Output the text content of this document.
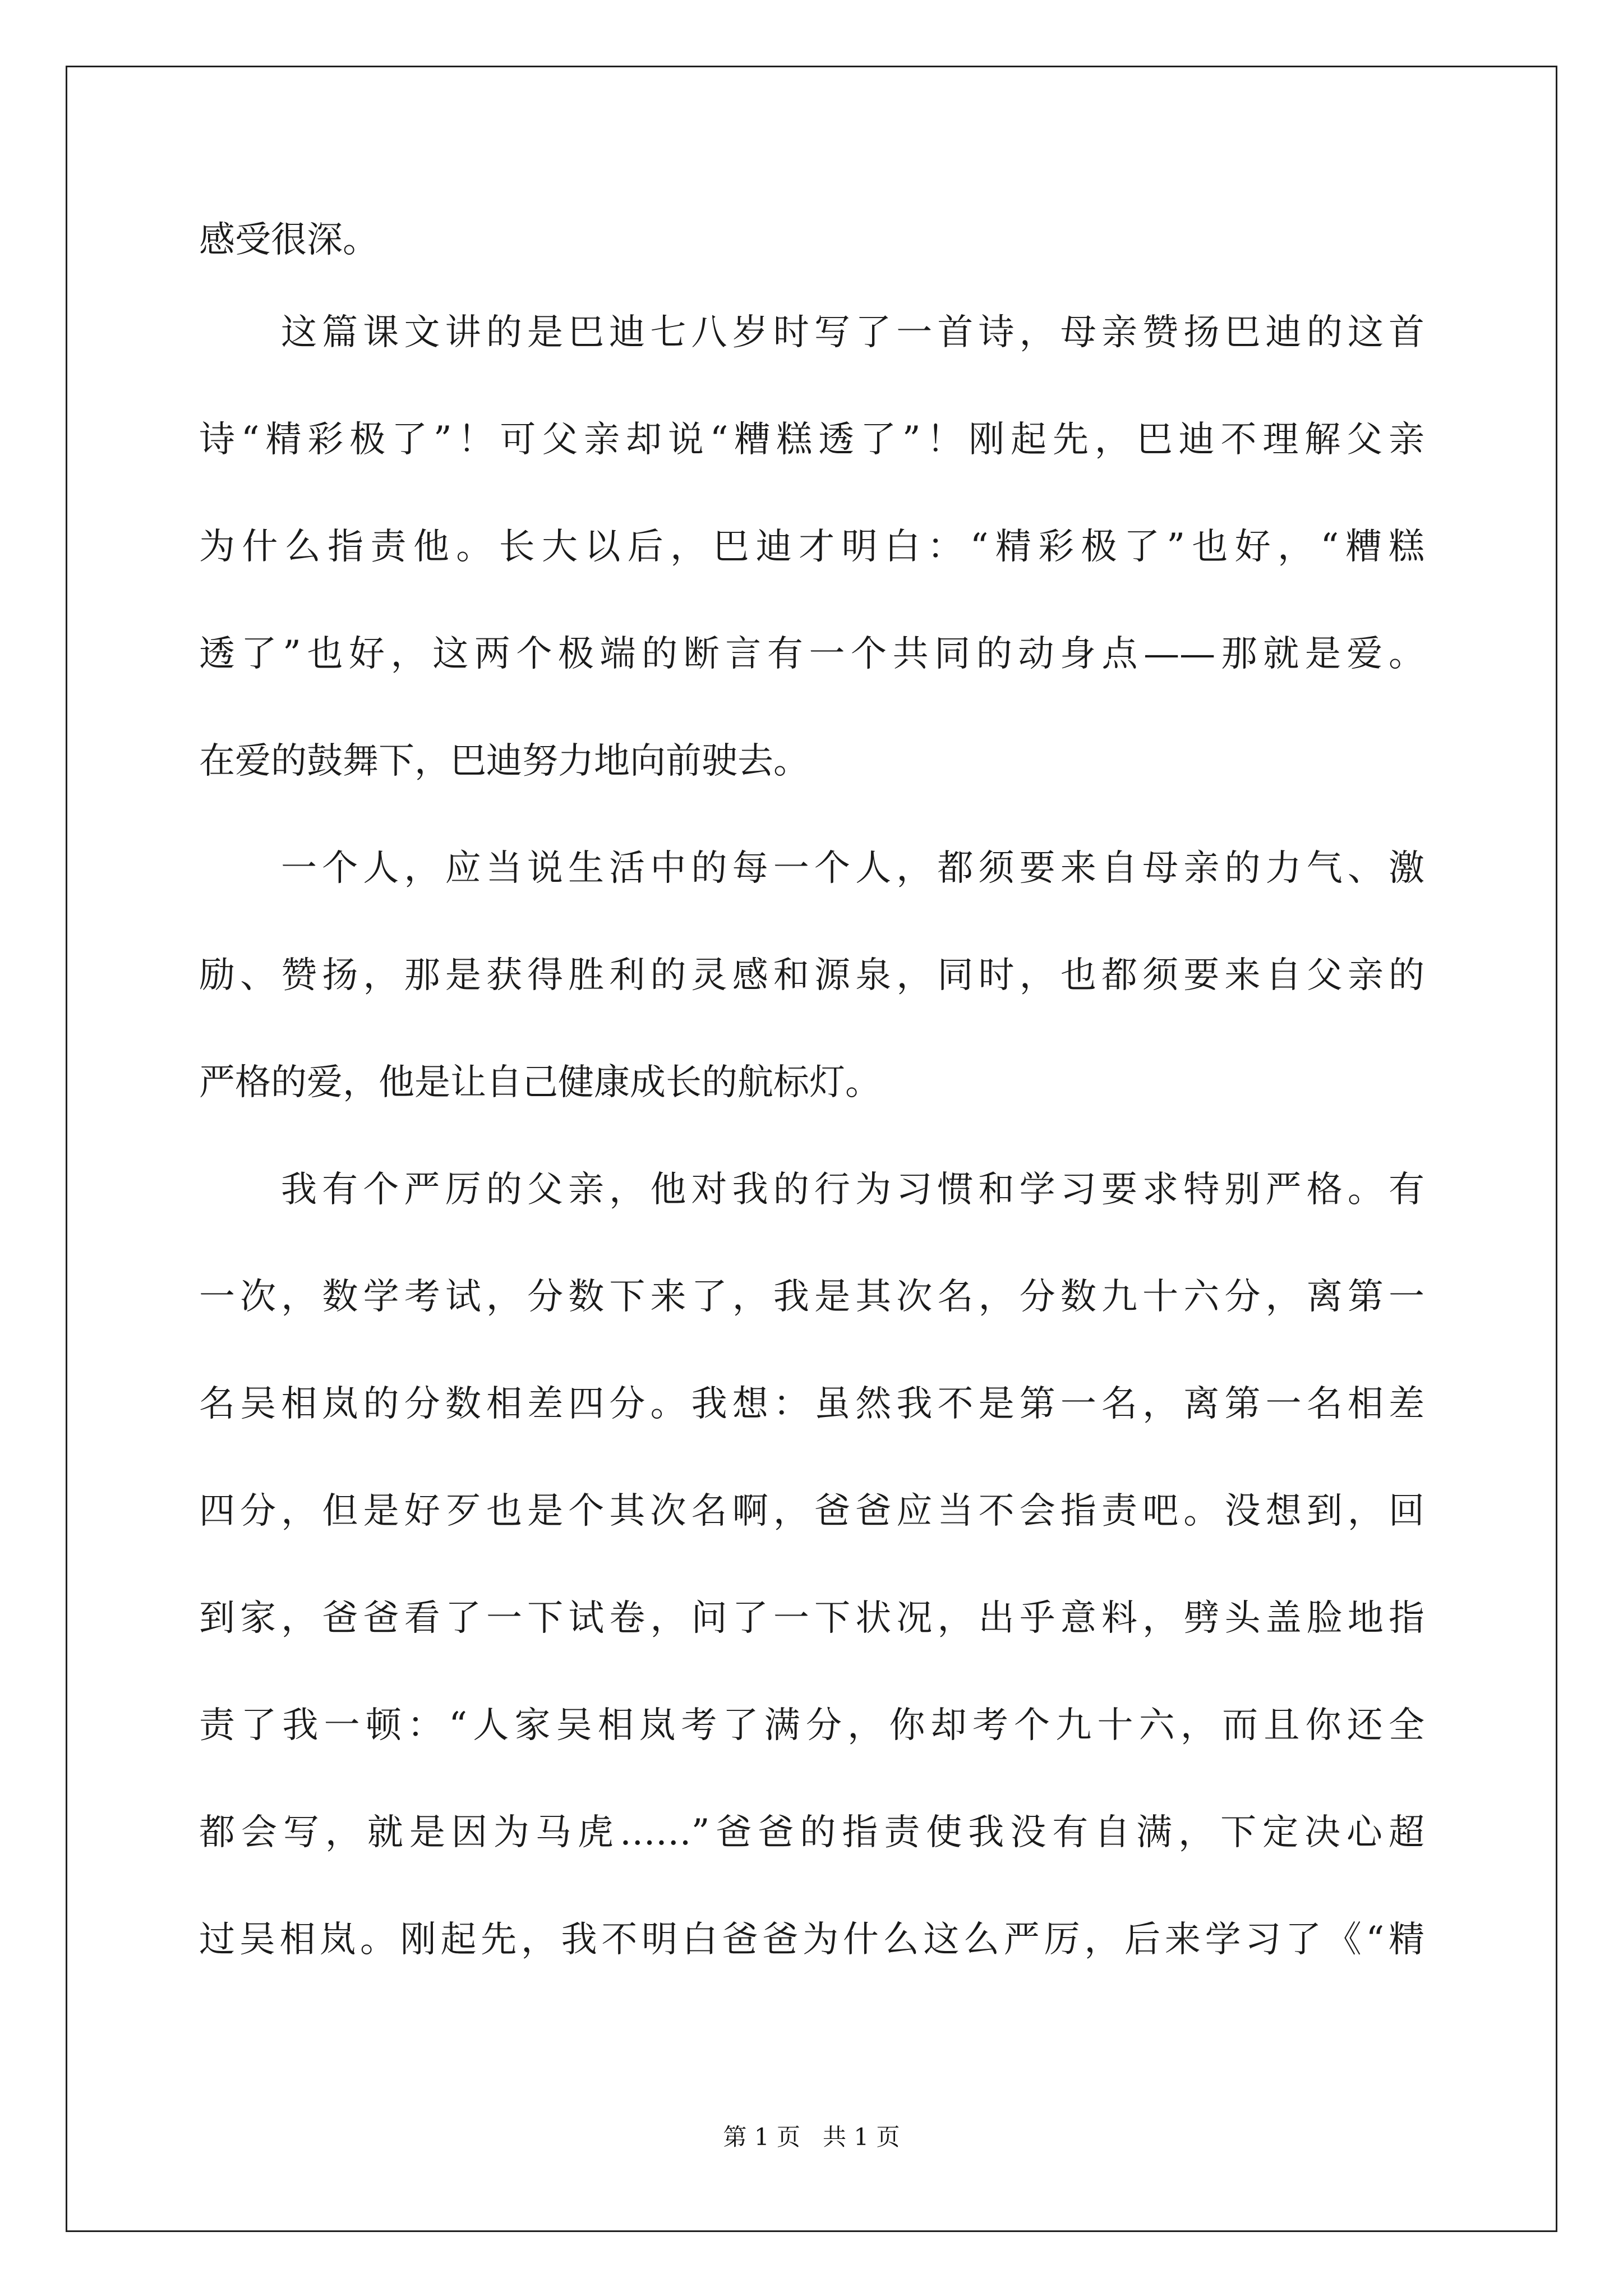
感受很深。
这篇课文讲的是巴迪七八岁时写了一首诗，母亲赞扬巴迪的这首
诗“精彩极了”！可父亲却说“糟糕透了”！刚起先，巴迪不理解父亲
为什么指责他。长大以后，巴迪才明白：“精彩极了”也好，“糟糕
透了”也好，这两个极端的断言有一个共同的动身点——那就是爱。
在爱的鼓舞下，巴迪努力地向前驶去。
一个人，应当说生活中的每一个人，都须要来自母亲的力气、激
励、赞扬，那是获得胜利的灵感和源泉，同时，也都须要来自父亲的
严格的爱，他是让自己健康成长的航标灯。
我有个严厉的父亲，他对我的行为习惯和学习要求特别严格。有
一次，数学考试，分数下来了，我是其次名，分数九十六分，离第一
名吴相岚的分数相差四分。我想：虽然我不是第一名，离第一名相差
四分，但是好歹也是个其次名啊，爸爸应当不会指责吧。没想到，回
到家，爸爸看了一下试卷，问了一下状况，出乎意料，劈头盖脸地指
责了我一顿：“人家吴相岚考了满分，你却考个九十六，而且你还全
都会写，就是因为马虎……”爸爸的指责使我没有自满，下定决心超
过吴相岚。刚起先，我不明白爸爸为什么这么严厉，后来学习了《“精
第 1 页 共 1 页
